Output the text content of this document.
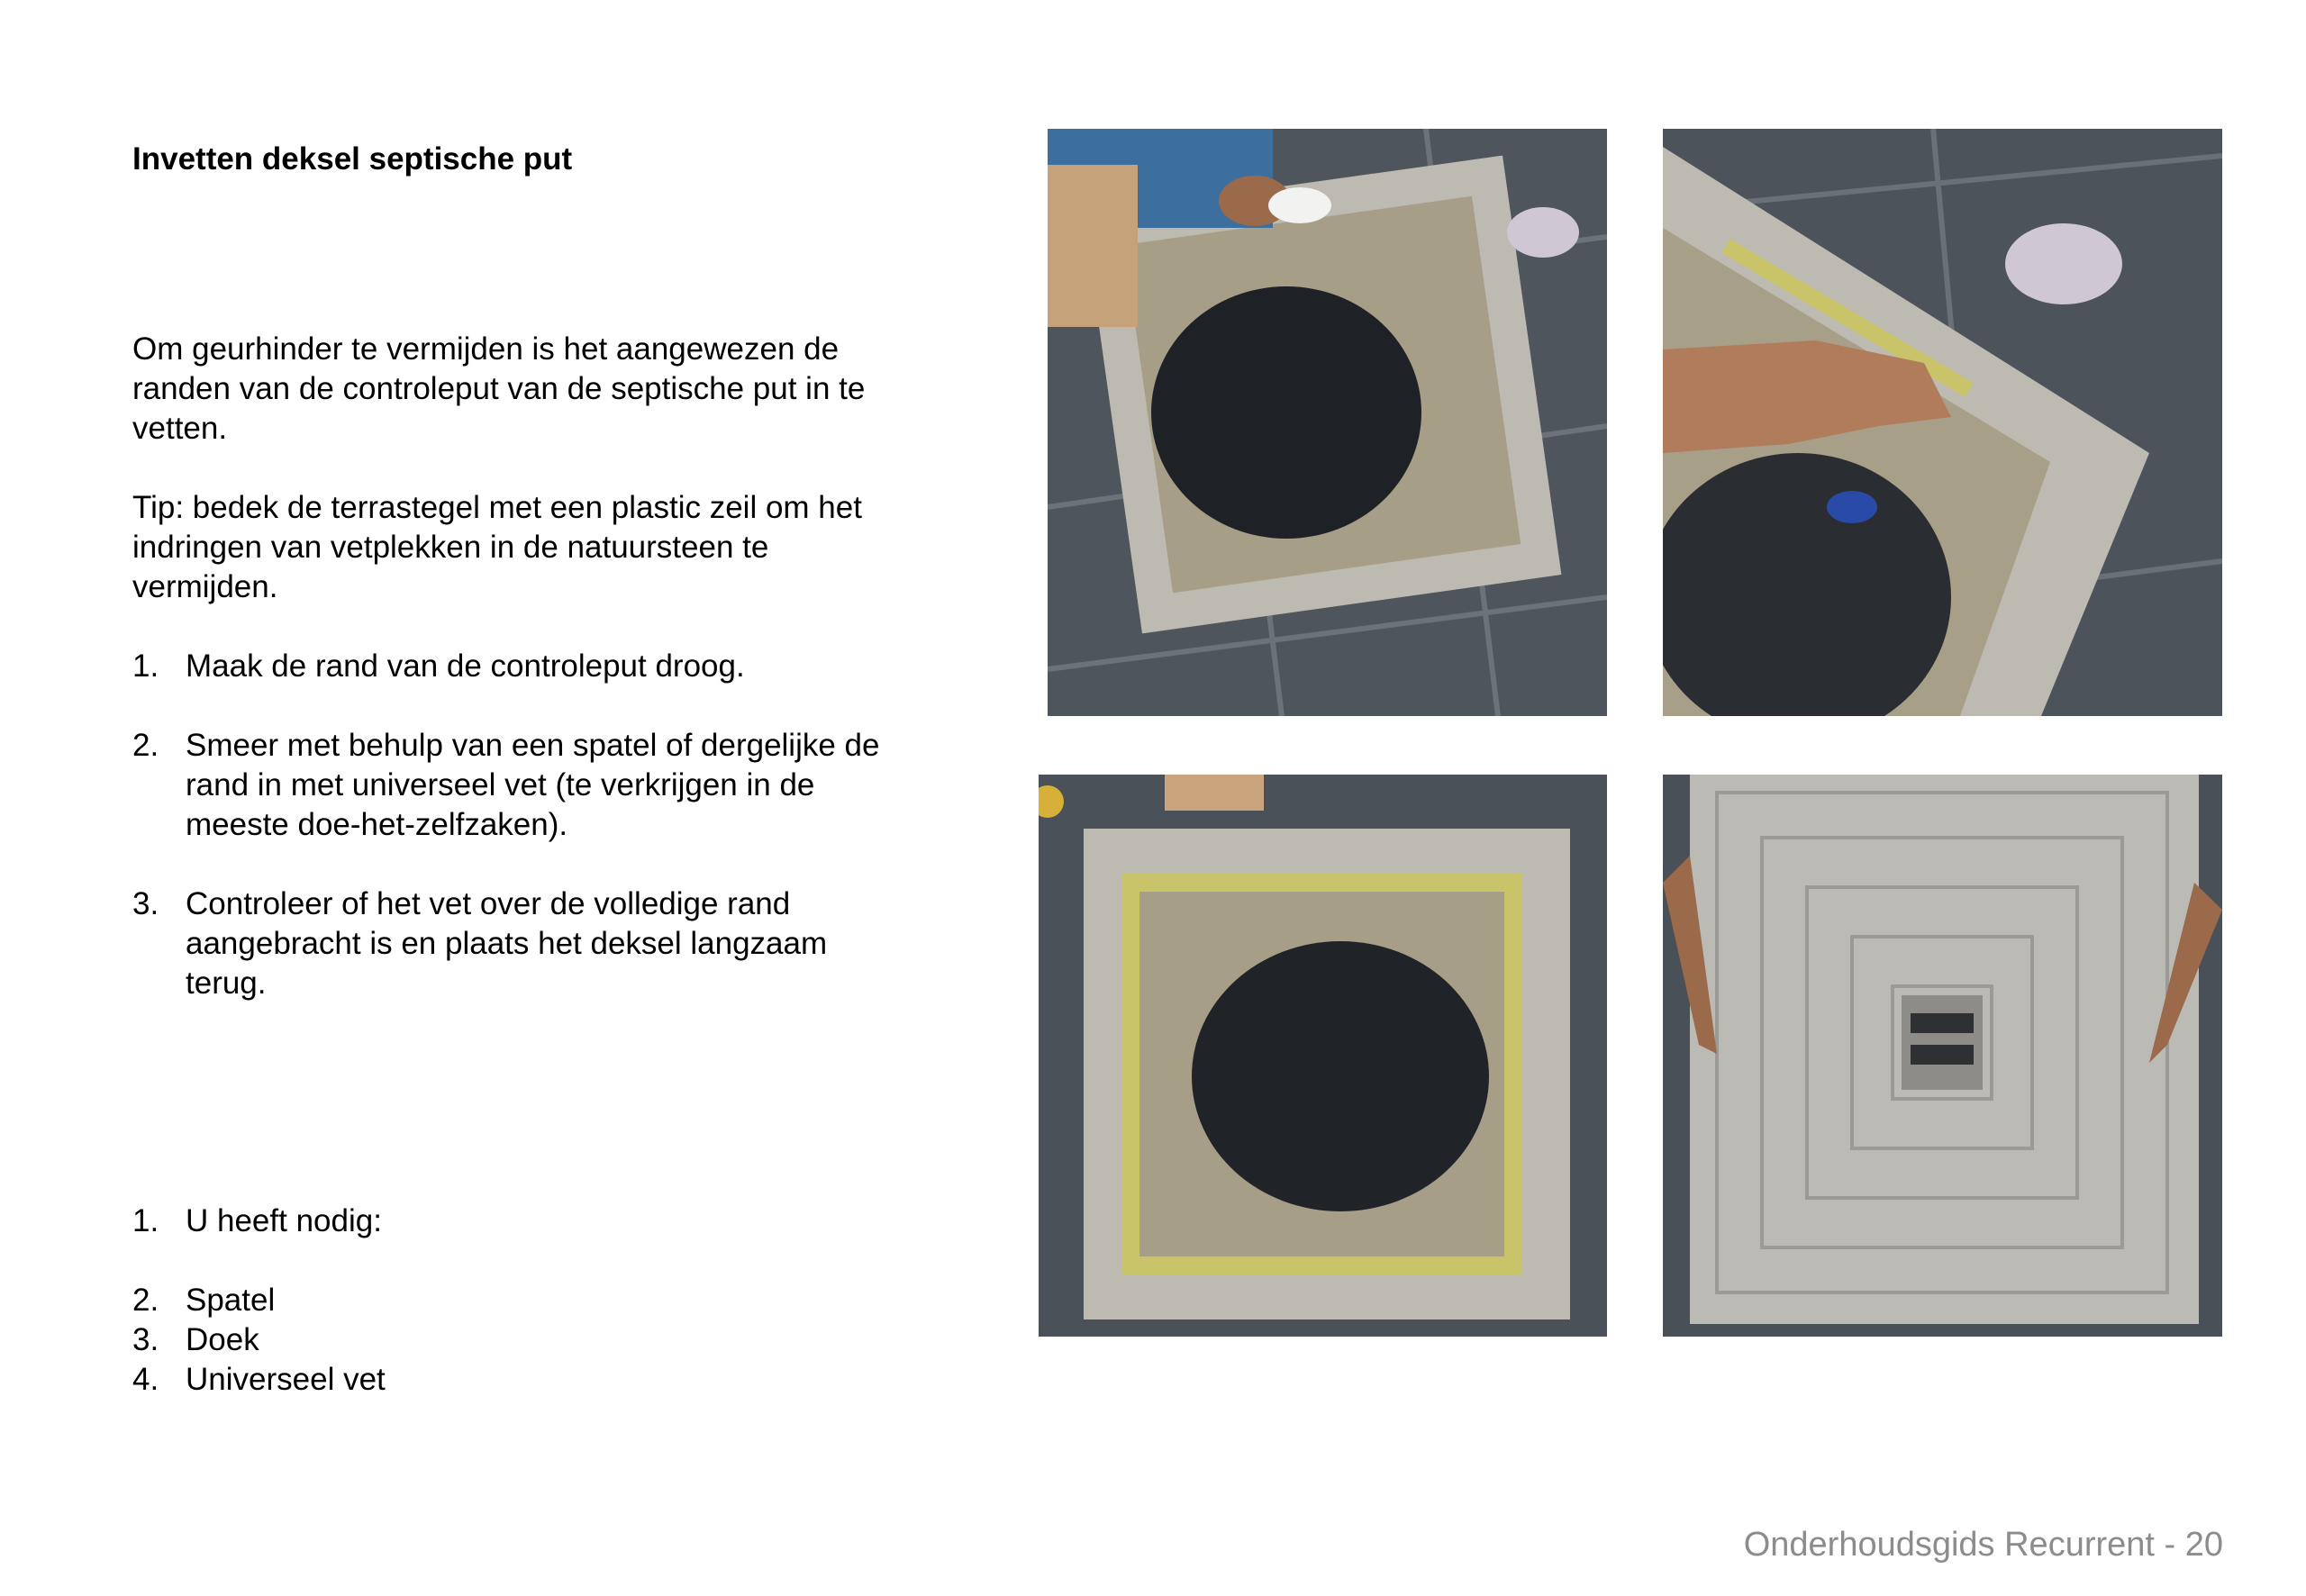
Invetten deksel septische put

Om geurhinder te vermijden is het aangewezen de randen van de controleput van de septische put in te vetten.

Tip: bedek de terrastegel met een plastic zeil om het indringen van vetplekken in de natuursteen te vermijden.

1. Maak de rand van de controleput droog.
2. Smeer met behulp van een spatel of dergelijke de rand in met universeel vet (te verkrijgen in de meeste doe-het-zelfzaken).
3. Controleer of het vet over de volledige rand aangebracht is en plaats het deksel langzaam terug.
1. U heeft nodig:
2. Spatel
3. Doek
4. Universeel vet
Onderhoudsgids Recurrent - 20
